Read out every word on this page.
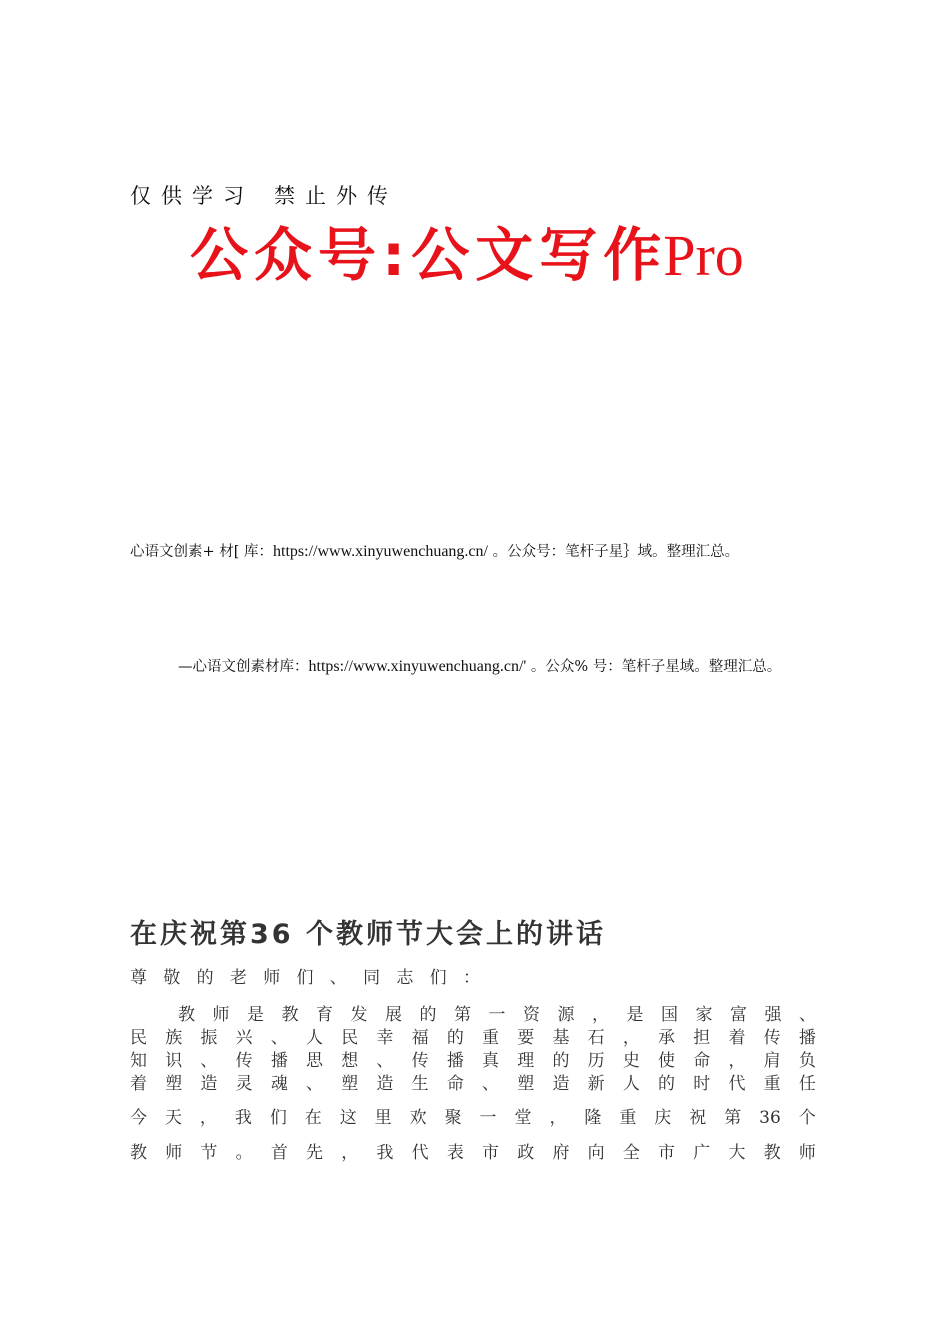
仅供学习 禁止外传
公众号:公文写作Pro
心语文创素+ 材[ 库：https://www.xinyuwenchuang.cn/ 。公众号：笔杆子星｝域。整理汇总。
—心语文创素材库：https://www.xinyuwenchuang.cn/' 。公众% 号：笔杆子星域。整理汇总。
在庆祝第36 个教师节大会上的讲话
尊 敬 的 老 师 们 、 同 志 们 ：
教 师 是 教 育 发 展 的 第 一 资 源 ， 是 国 家 富 强 、
民 族 振 兴 、 人 民 幸 福 的 重 要 基 石 ， 承 担 着 传 播
知 识 、 传 播 思 想 、 传 播 真 理 的 历 史 使 命 ， 肩 负
着 塑 造 灵 魂 、 塑 造 生 命 、 塑 造 新 人 的 时 代 重 任
今 天 ， 我 们 在 这 里 欢 聚 一 堂 ， 隆 重 庆 祝 第 36 个
教 师 节 。 首 先 ， 我 代 表 市 政 府 向 全 市 广 大 教 师
